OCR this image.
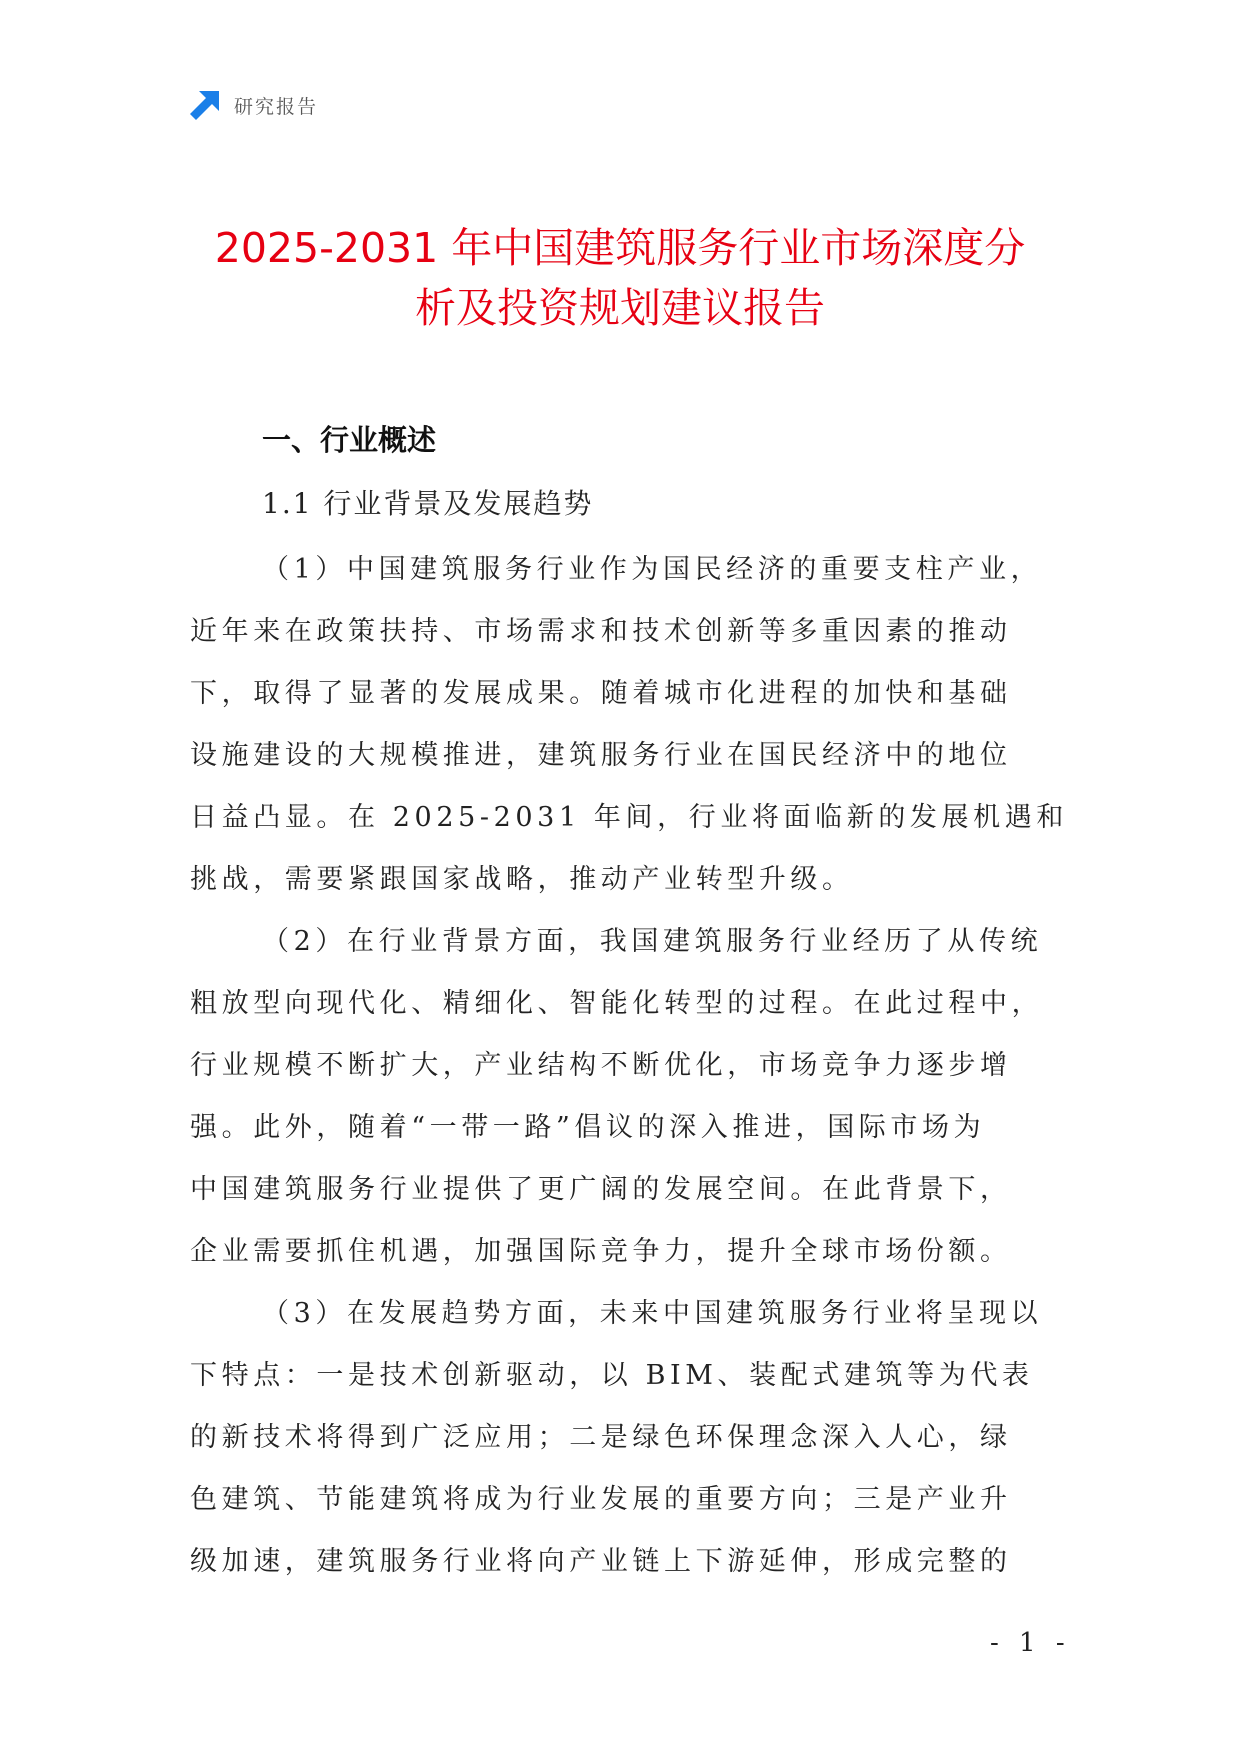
研究报告
2025-2031 年中国建筑服务行业市场深度分
析及投资规划建议报告
一、行业概述
1.1 行业背景及发展趋势
（1）中国建筑服务行业作为国民经济的重要支柱产业，
近年来在政策扶持、市场需求和技术创新等多重因素的推动
下，取得了显著的发展成果。随着城市化进程的加快和基础
设施建设的大规模推进，建筑服务行业在国民经济中的地位
日益凸显。在 2025-2031 年间，行业将面临新的发展机遇和
挑战，需要紧跟国家战略，推动产业转型升级。
（2）在行业背景方面，我国建筑服务行业经历了从传统
粗放型向现代化、精细化、智能化转型的过程。在此过程中，
行业规模不断扩大，产业结构不断优化，市场竞争力逐步增
强。此外，随着“一带一路”倡议的深入推进，国际市场为
中国建筑服务行业提供了更广阔的发展空间。在此背景下，
企业需要抓住机遇，加强国际竞争力，提升全球市场份额。
（3）在发展趋势方面，未来中国建筑服务行业将呈现以
下特点：一是技术创新驱动，以 BIM、装配式建筑等为代表
的新技术将得到广泛应用；二是绿色环保理念深入人心，绿
色建筑、节能建筑将成为行业发展的重要方向；三是产业升
级加速，建筑服务行业将向产业链上下游延伸，形成完整的
- 1 -
